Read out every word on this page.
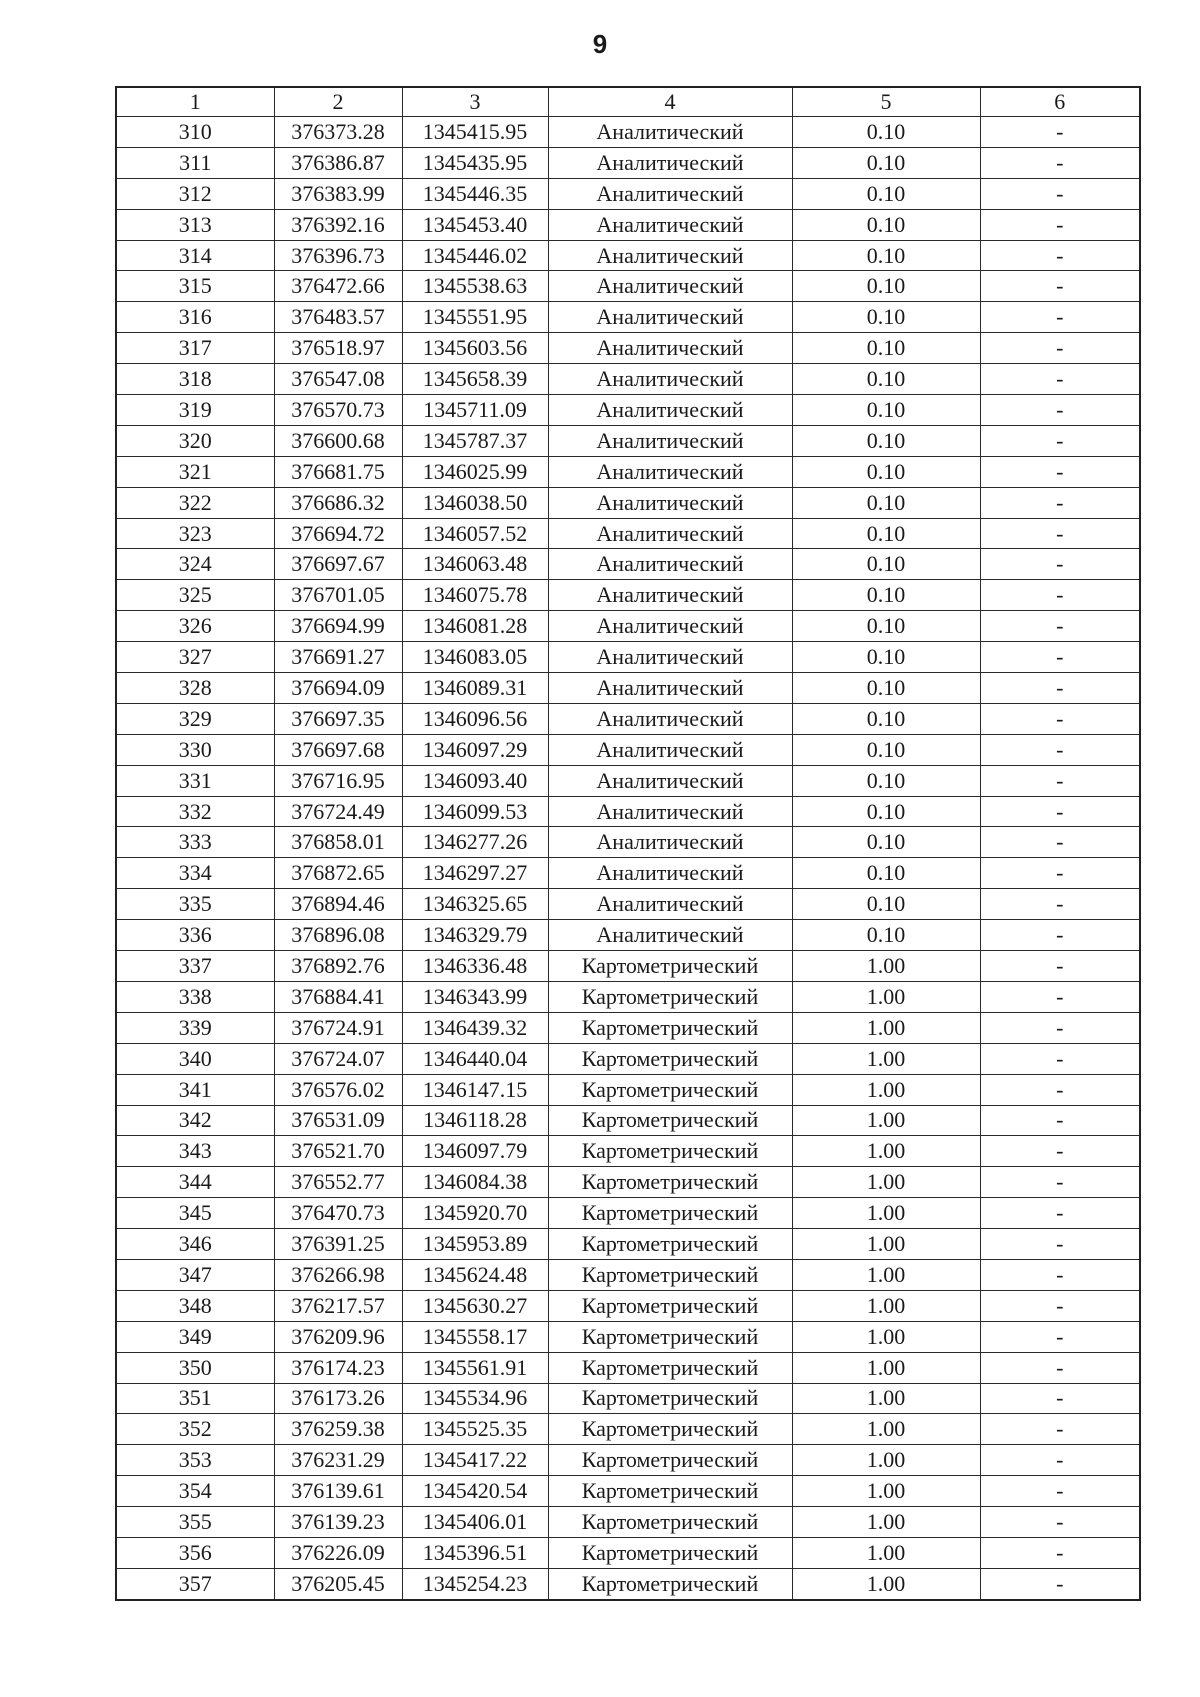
9
1	2	3	4	5	6
310	376373.28	1345415.95	Аналитический	0.10	-
311	376386.87	1345435.95	Аналитический	0.10	-
312	376383.99	1345446.35	Аналитический	0.10	-
313	376392.16	1345453.40	Аналитический	0.10	-
314	376396.73	1345446.02	Аналитический	0.10	-
315	376472.66	1345538.63	Аналитический	0.10	-
316	376483.57	1345551.95	Аналитический	0.10	-
317	376518.97	1345603.56	Аналитический	0.10	-
318	376547.08	1345658.39	Аналитический	0.10	-
319	376570.73	1345711.09	Аналитический	0.10	-
320	376600.68	1345787.37	Аналитический	0.10	-
321	376681.75	1346025.99	Аналитический	0.10	-
322	376686.32	1346038.50	Аналитический	0.10	-
323	376694.72	1346057.52	Аналитический	0.10	-
324	376697.67	1346063.48	Аналитический	0.10	-
325	376701.05	1346075.78	Аналитический	0.10	-
326	376694.99	1346081.28	Аналитический	0.10	-
327	376691.27	1346083.05	Аналитический	0.10	-
328	376694.09	1346089.31	Аналитический	0.10	-
329	376697.35	1346096.56	Аналитический	0.10	-
330	376697.68	1346097.29	Аналитический	0.10	-
331	376716.95	1346093.40	Аналитический	0.10	-
332	376724.49	1346099.53	Аналитический	0.10	-
333	376858.01	1346277.26	Аналитический	0.10	-
334	376872.65	1346297.27	Аналитический	0.10	-
335	376894.46	1346325.65	Аналитический	0.10	-
336	376896.08	1346329.79	Аналитический	0.10	-
337	376892.76	1346336.48	Картометрический	1.00	-
338	376884.41	1346343.99	Картометрический	1.00	-
339	376724.91	1346439.32	Картометрический	1.00	-
340	376724.07	1346440.04	Картометрический	1.00	-
341	376576.02	1346147.15	Картометрический	1.00	-
342	376531.09	1346118.28	Картометрический	1.00	-
343	376521.70	1346097.79	Картометрический	1.00	-
344	376552.77	1346084.38	Картометрический	1.00	-
345	376470.73	1345920.70	Картометрический	1.00	-
346	376391.25	1345953.89	Картометрический	1.00	-
347	376266.98	1345624.48	Картометрический	1.00	-
348	376217.57	1345630.27	Картометрический	1.00	-
349	376209.96	1345558.17	Картометрический	1.00	-
350	376174.23	1345561.91	Картометрический	1.00	-
351	376173.26	1345534.96	Картометрический	1.00	-
352	376259.38	1345525.35	Картометрический	1.00	-
353	376231.29	1345417.22	Картометрический	1.00	-
354	376139.61	1345420.54	Картометрический	1.00	-
355	376139.23	1345406.01	Картометрический	1.00	-
356	376226.09	1345396.51	Картометрический	1.00	-
357	376205.45	1345254.23	Картометрический	1.00	-
